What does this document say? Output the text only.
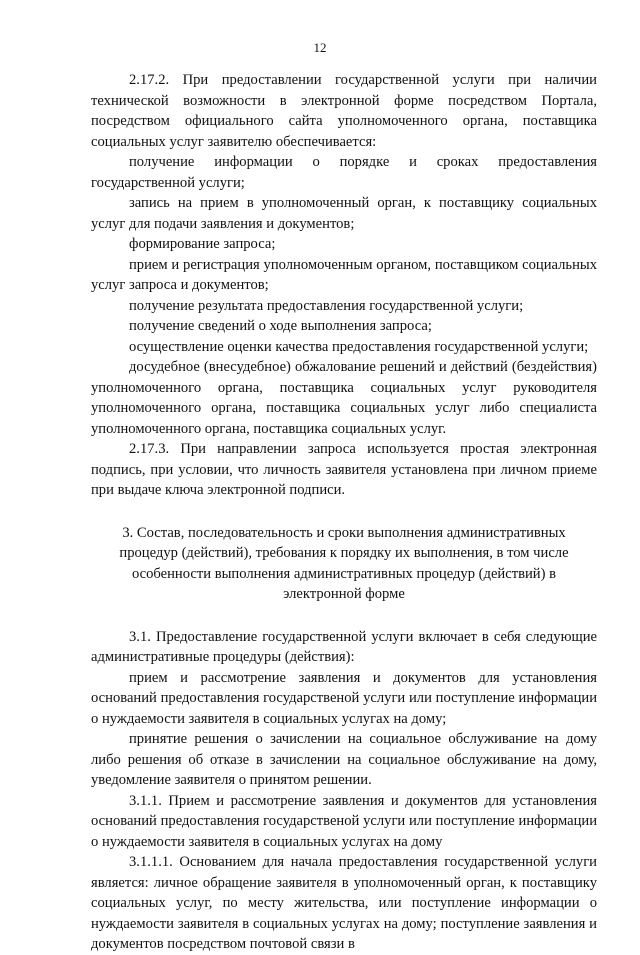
12

2.17.2. При предоставлении государственной услуги при наличии технической возможности в электронной форме посредством Портала, посредством официального сайта уполномоченного органа, поставщика социальных услуг заявителю обеспечивается:

получение информации о порядке и сроках предоставления государственной услуги;

запись на прием в уполномоченный орган, к поставщику социальных услуг для подачи заявления и документов;

формирование запроса;

прием и регистрация уполномоченным органом, поставщиком социальных услуг запроса и документов;

получение результата предоставления государственной услуги;

получение сведений о ходе выполнения запроса;

осуществление оценки качества предоставления государственной услуги;

досудебное (внесудебное) обжалование решений и действий (бездействия) уполномоченного органа, поставщика социальных услуг руководителя уполномоченного органа, поставщика социальных услуг либо специалиста уполномоченного органа, поставщика социальных услуг.

2.17.3. При направлении запроса используется простая электронная подпись, при условии, что личность заявителя установлена при личном приеме при выдаче ключа электронной подписи.

3. Состав, последовательность и сроки выполнения административных

процедур (действий), требования к порядку их выполнения, в том числе

особенности выполнения административных процедур (действий) в

электронной форме

3.1. Предоставление государственной услуги включает в себя следующие административные процедуры (действия):

прием и рассмотрение заявления и документов для установления оснований предоставления государственой услуги или поступление информации о нуждаемости заявителя в социальных услугах на дому;

принятие решения о зачислении на социальное обслуживание на дому либо решения об отказе в зачислении на социальное обслуживание на дому, уведомление заявителя о принятом решении.

3.1.1. Прием и рассмотрение заявления и документов для установления оснований предоставления государственой услуги или поступление информации о нуждаемости заявителя в социальных услугах на дому

3.1.1.1. Основанием для начала предоставления государственной услуги является: личное обращение заявителя в уполномоченный орган, к поставщику социальных услуг, по месту жительства, или поступление информации о нуждаемости заявителя в социальных услугах на дому; поступление заявления и документов посредством почтовой связи в
